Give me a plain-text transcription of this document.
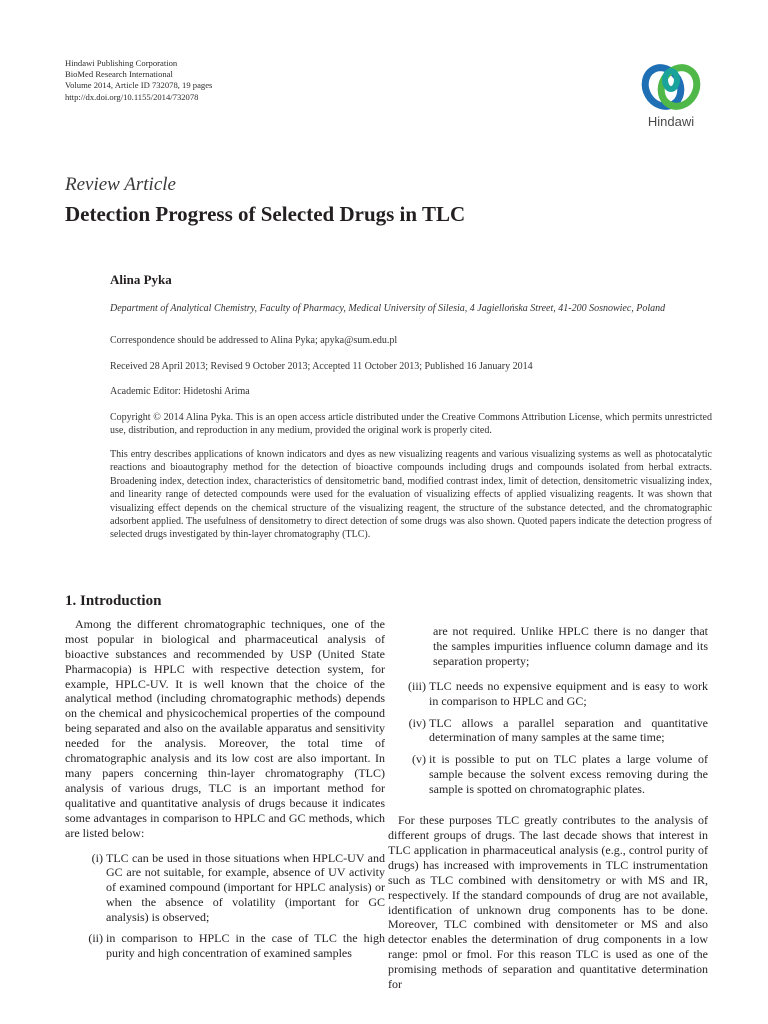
Hindawi Publishing Corporation
BioMed Research International
Volume 2014, Article ID 732078, 19 pages
http://dx.doi.org/10.1155/2014/732078
Hindawi
Review Article
Detection Progress of Selected Drugs in TLC
Alina Pyka
Department of Analytical Chemistry, Faculty of Pharmacy, Medical University of Silesia, 4 Jagiellońska Street, 41-200 Sosnowiec, Poland
Correspondence should be addressed to Alina Pyka; apyka@sum.edu.pl
Received 28 April 2013; Revised 9 October 2013; Accepted 11 October 2013; Published 16 January 2014
Academic Editor: Hidetoshi Arima
Copyright © 2014 Alina Pyka. This is an open access article distributed under the Creative Commons Attribution License, which permits unrestricted use, distribution, and reproduction in any medium, provided the original work is properly cited.
This entry describes applications of known indicators and dyes as new visualizing reagents and various visualizing systems as well as photocatalytic reactions and bioautography method for the detection of bioactive compounds including drugs and compounds isolated from herbal extracts. Broadening index, detection index, characteristics of densitometric band, modified contrast index, limit of detection, densitometric visualizing index, and linearity range of detected compounds were used for the evaluation of visualizing effects of applied visualizing reagents. It was shown that visualizing effect depends on the chemical structure of the visualizing reagent, the structure of the substance detected, and the chromatographic adsorbent applied. The usefulness of densitometry to direct detection of some drugs was also shown. Quoted papers indicate the detection progress of selected drugs investigated by thin-layer chromatography (TLC).
1. Introduction

Among the different chromatographic techniques, one of the most popular in biological and pharmaceutical analysis of bioactive substances and recommended by USP (United State Pharmacopia) is HPLC with respective detection system, for example, HPLC-UV. It is well known that the choice of the analytical method (including chromatographic methods) depends on the chemical and physicochemical properties of the compound being separated and also on the available apparatus and sensitivity needed for the analysis. Moreover, the total time of chromatographic analysis and its low cost are also important. In many papers concerning thin-layer chromatography (TLC) analysis of various drugs, TLC is an important method for qualitative and quantitative analysis of drugs because it indicates some advantages in comparison to HPLC and GC methods, which are listed below:

(i) TLC can be used in those situations when HPLC-UV and GC are not suitable, for example, absence of UV activity of examined compound (important for HPLC analysis) or when the absence of volatility (important for GC analysis) is observed;
(ii) in comparison to HPLC in the case of TLC the high purity and high concentration of examined samples
are not required. Unlike HPLC there is no danger that the samples impurities influence column damage and its separation property;
(iii) TLC needs no expensive equipment and is easy to work in comparison to HPLC and GC;
(iv) TLC allows a parallel separation and quantitative determination of many samples at the same time;
(v) it is possible to put on TLC plates a large volume of sample because the solvent excess removing during the sample is spotted on chromatographic plates.

For these purposes TLC greatly contributes to the analysis of different groups of drugs. The last decade shows that interest in TLC application in pharmaceutical analysis (e.g., control purity of drugs) has increased with improvements in TLC instrumentation such as TLC combined with densitometry or with MS and IR, respectively. If the standard compounds of drug are not available, identification of unknown drug components has to be done. Moreover, TLC combined with densitometer or MS and also detector enables the determination of drug components in a low range: pmol or fmol. For this reason TLC is used as one of the promising methods of separation and quantitative determination for
